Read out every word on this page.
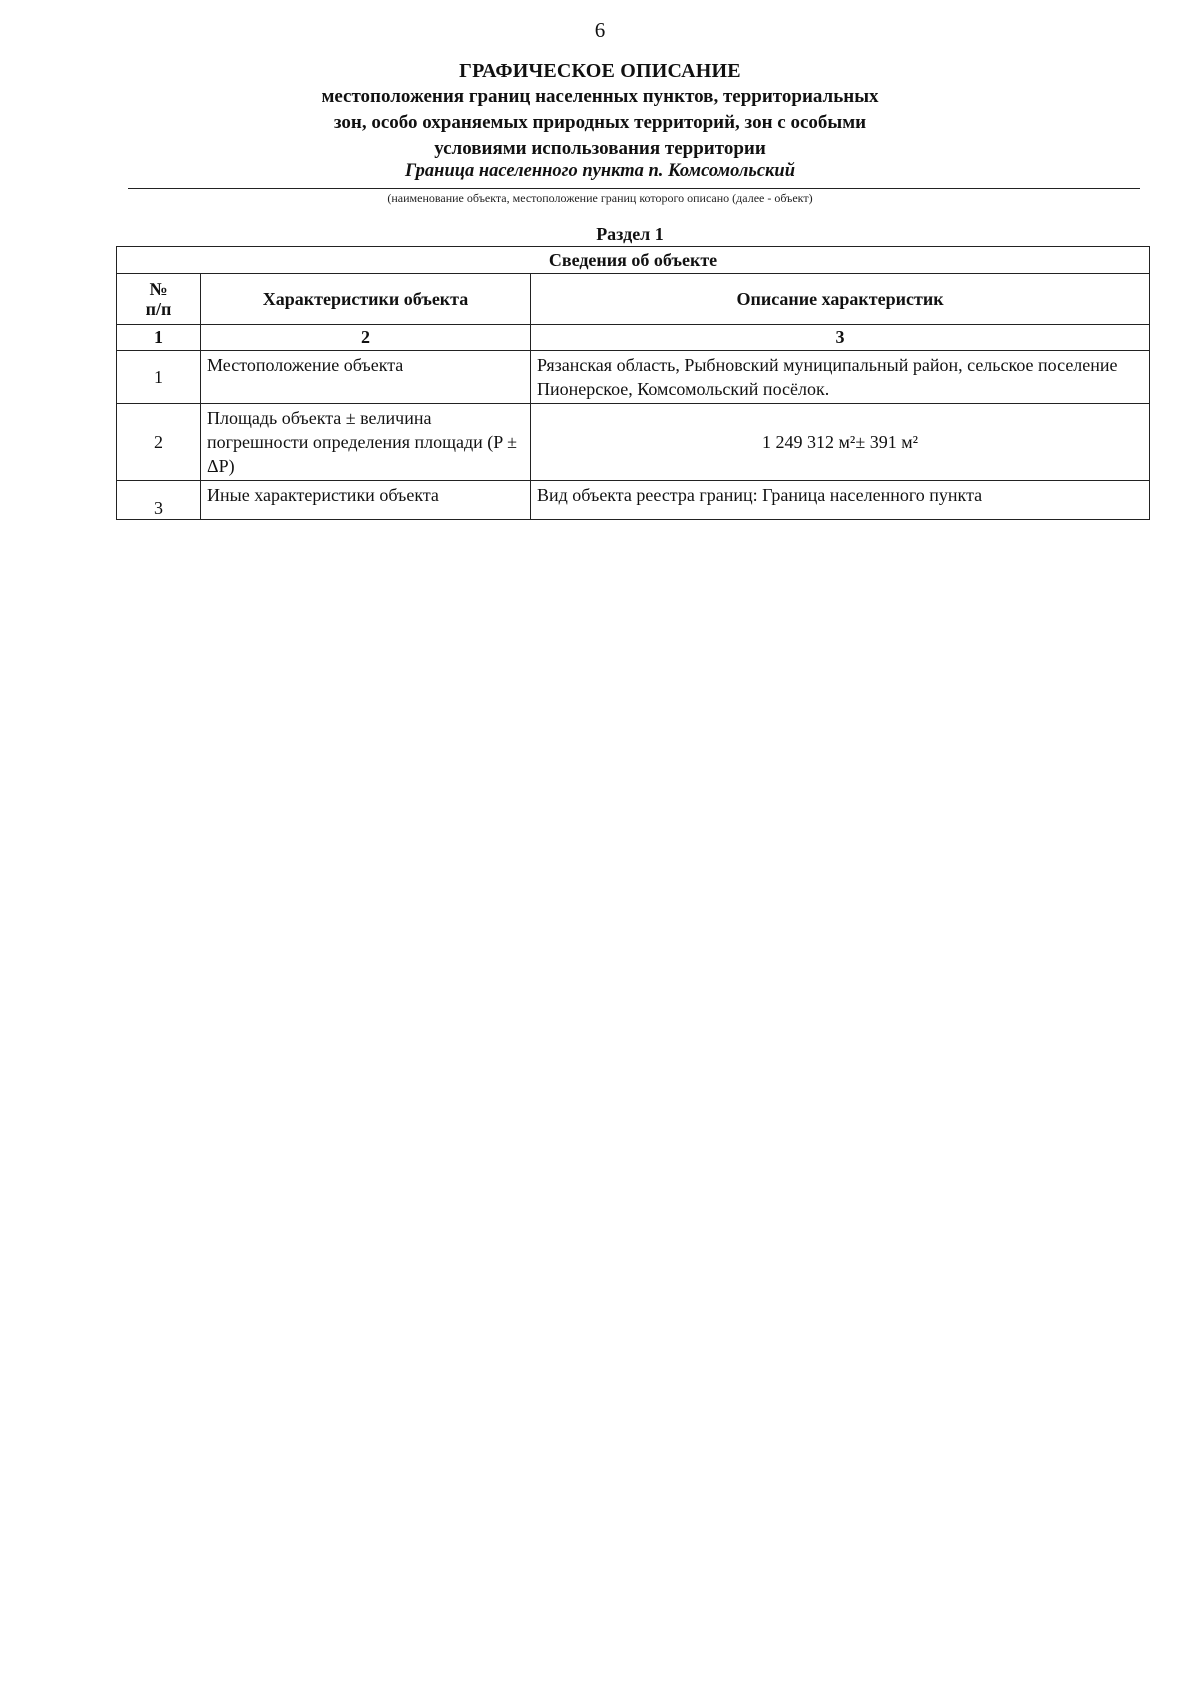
6
ГРАФИЧЕСКОЕ ОПИСАНИЕ
местоположения границ населенных пунктов, территориальных
зон, особо охраняемых природных территорий, зон с особыми
условиями использования территории
Граница населенного пункта п. Комсомольский
(наименование объекта, местоположение границ которого описано (далее - объект)
Раздел 1
Сведения об объекте		

№
п/п	Характеристики объекта	Описание характеристик
1	2	3
1	Местоположение объекта	Рязанская область, Рыбновский муниципальный район, сельское поселение Пионерское, Комсомольский посёлок.
2	Площадь объекта ± величина погрешности определения площади (P ± ΔP)	1 249 312 м²± 391 м²
3	Иные характеристики объекта	Вид объекта реестра границ: Граница населенного пункта
